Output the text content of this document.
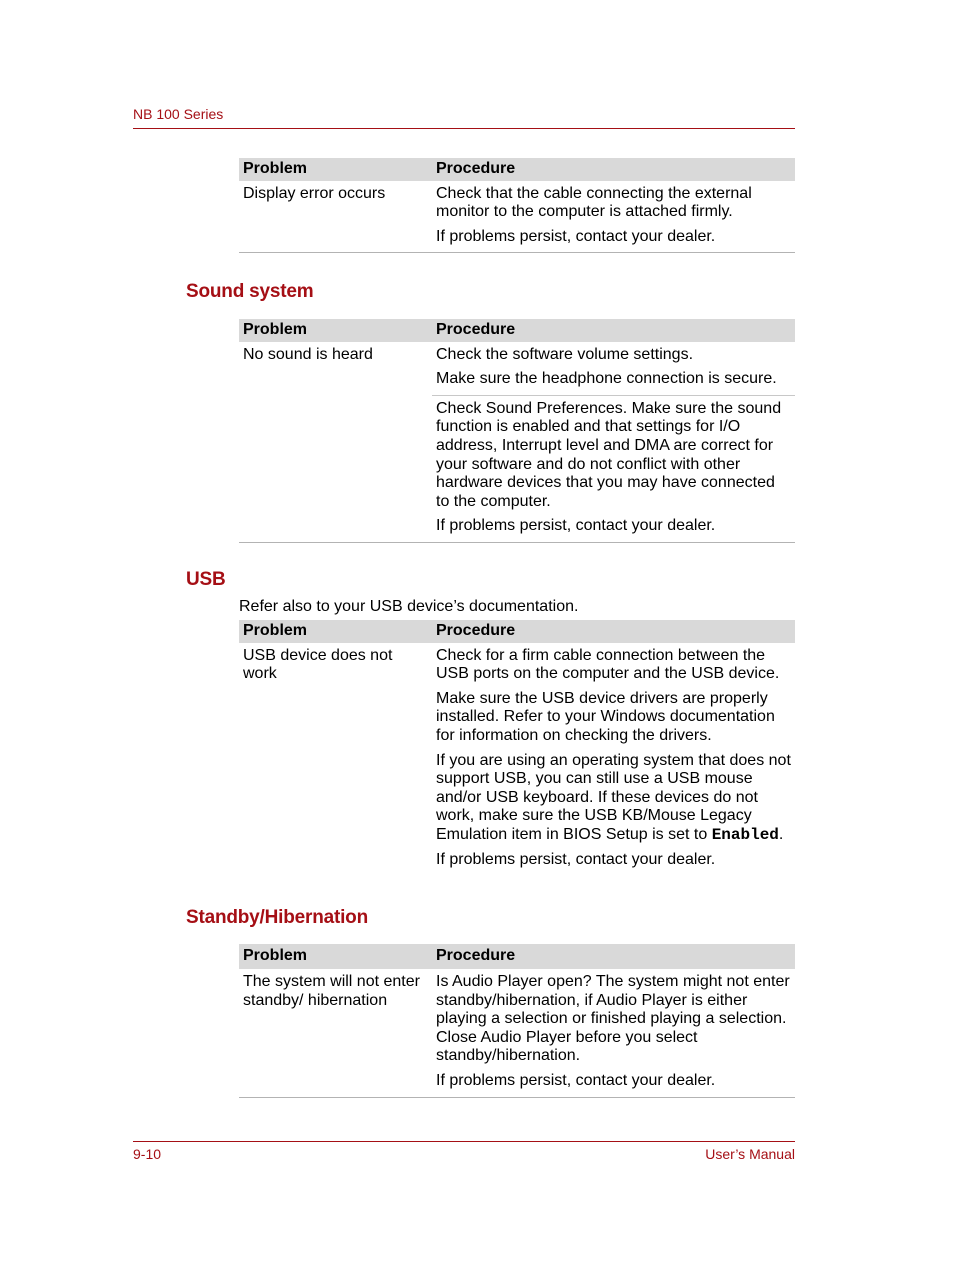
NB 100 Series
Problem	Procedure
Display error occurs	Check that the cable connecting the external monitor to the computer is attached firmly.

If problems persist, contact your dealer.

Sound system
Problem	Procedure
No sound is heard	Check the software volume settings.

Make sure the headphone connection is secure.

	Check Sound Preferences. Make sure the sound function is enabled and that settings for I/O address, Interrupt level and DMA are correct for your software and do not conflict with other hardware devices that you may have connected to the computer.

If problems persist, contact your dealer.

USB
Refer also to your USB device’s documentation.
Problem	Procedure
USB device does not work	Check for a firm cable connection between the USB ports on the computer and the USB device.

Make sure the USB device drivers are properly installed. Refer to your Windows documentation for information on checking the drivers.

If you are using an operating system that does not support USB, you can still use a USB mouse and/or USB keyboard. If these devices do not work, make sure the USB KB/Mouse Legacy Emulation item in BIOS Setup is set to Enabled.

If problems persist, contact your dealer.

Standby/Hibernation
Problem	Procedure
The system will not enter standby/ hibernation	Is Audio Player open? The system might not enter standby/hibernation, if Audio Player is either playing a selection or finished playing a selection. Close Audio Player before you select standby/hibernation.

If problems persist, contact your dealer.

9-10	User’s Manual
